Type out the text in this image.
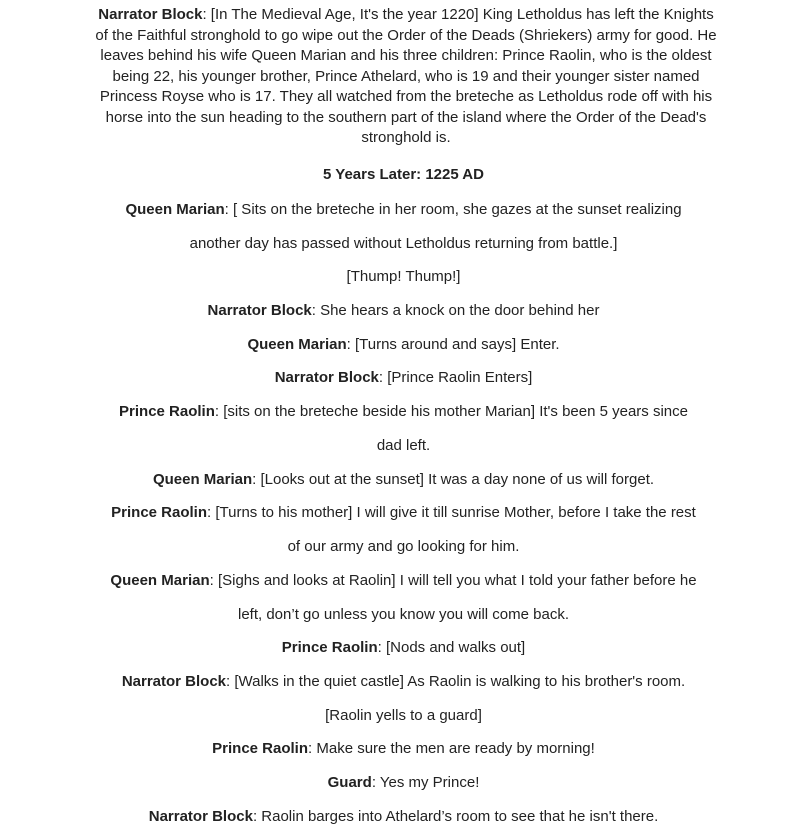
Narrator Block: [In The Medieval Age, It's the year 1220] King Letholdus has left the Knights of the Faithful stronghold to go wipe out the Order of the Deads (Shriekers) army for good. He leaves behind his wife Queen Marian and his three children: Prince Raolin, who is the oldest being 22, his younger brother, Prince Athelard, who is 19 and their younger sister named Princess Royse who is 17. They all watched from the breteche as Letholdus rode off with his horse into the sun heading to the southern part of the island where the Order of the Dead's stronghold is.
5 Years Later: 1225 AD
Queen Marian: [ Sits on the breteche in her room, she gazes at the sunset realizing
another day has passed without Letholdus returning from battle.]
[Thump! Thump!]
Narrator Block: She hears a knock on the door behind her
Queen Marian: [Turns around and says] Enter.
Narrator Block: [Prince Raolin Enters]
Prince Raolin: [sits on the breteche beside his mother Marian] It's been 5 years since
dad left.
Queen Marian: [Looks out at the sunset] It was a day none of us will forget.
Prince Raolin: [Turns to his mother] I will give it till sunrise Mother, before I take the rest
of our army and go looking for him.
Queen Marian: [Sighs and looks at Raolin] I will tell you what I told your father before he
left, don’t go unless you know you will come back.
Prince Raolin: [Nods and walks out]
Narrator Block: [Walks in the quiet castle] As Raolin is walking to his brother's room.
[Raolin yells to a guard]
Prince Raolin: Make sure the men are ready by morning!
Guard: Yes my Prince!
Narrator Block: Raolin barges into Athelard’s room to see that he isn't there.
